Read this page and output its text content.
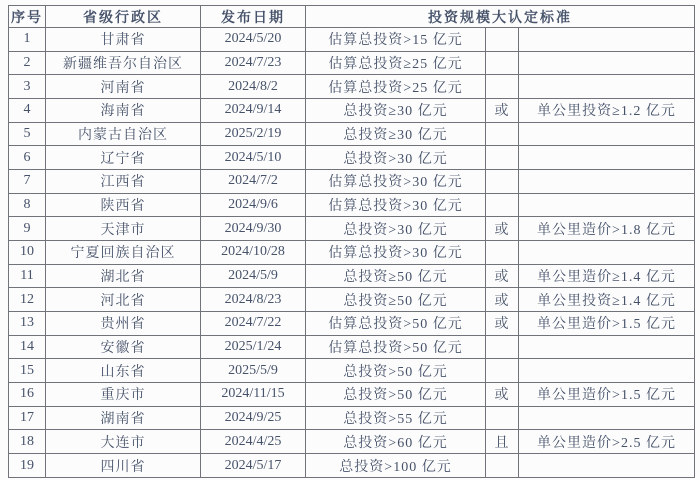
序号	省级行政区	发布日期	投资规模大认定标准		
1	甘肃省	2024/5/20	估算总投资>15 亿元		
2	新疆维吾尔自治区	2024/7/23	估算总投资≥25 亿元		
3	河南省	2024/8/2	估算总投资>25 亿元		
4	海南省	2024/9/14	总投资≥30 亿元	或	单公里投资≥1.2 亿元
5	内蒙古自治区	2025/2/19	总投资≥30 亿元		
6	辽宁省	2024/5/10	总投资>30 亿元		
7	江西省	2024/7/2	估算总投资>30 亿元		
8	陕西省	2024/9/6	估算总投资>30 亿元		
9	天津市	2024/9/30	总投资>30 亿元	或	单公里造价>1.8 亿元
10	宁夏回族自治区	2024/10/28	估算总投资>30 亿元		
11	湖北省	2024/5/9	总投资≥50 亿元	或	单公里造价≥1.4 亿元
12	河北省	2024/8/23	总投资≥50 亿元	或	单公里投资≥1.4 亿元
13	贵州省	2024/7/22	估算总投资>50 亿元	或	单公里造价>1.5 亿元
14	安徽省	2025/1/24	估算总投资>50 亿元		
15	山东省	2025/5/9	总投资>50 亿元		
16	重庆市	2024/11/15	总投资>50 亿元	或	单公里造价>1.5 亿元
17	湖南省	2024/9/25	总投资>55 亿元		
18	大连市	2024/4/25	总投资>60 亿元	且	单公里造价>2.5 亿元
19	四川省	2024/5/17	总投资>100 亿元		
